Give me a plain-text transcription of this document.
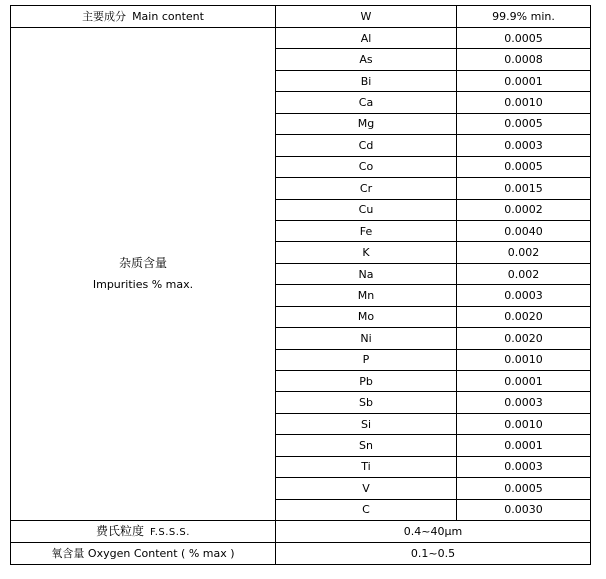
主要成分 Main content	W	99.9% min.

杂质含量
Impurities % max.	Al	0.0005
	As	0.0008
	Bi	0.0001
	Ca	0.0010
	Mg	0.0005
	Cd	0.0003
	Co	0.0005
	Cr	0.0015
	Cu	0.0002
	Fe	0.0040
	K	0.002
	Na	0.002
	Mn	0.0003
	Mo	0.0020
	Ni	0.0020
	P	0.0010
	Pb	0.0001
	Sb	0.0003
	Si	0.0010
	Sn	0.0001
	Ti	0.0003
	V	0.0005
	C	0.0030
费氏粒度 F.S.S.S.	0.4~40μm	
氧含量 Oxygen Content ( % max )	0.1~0.5	
